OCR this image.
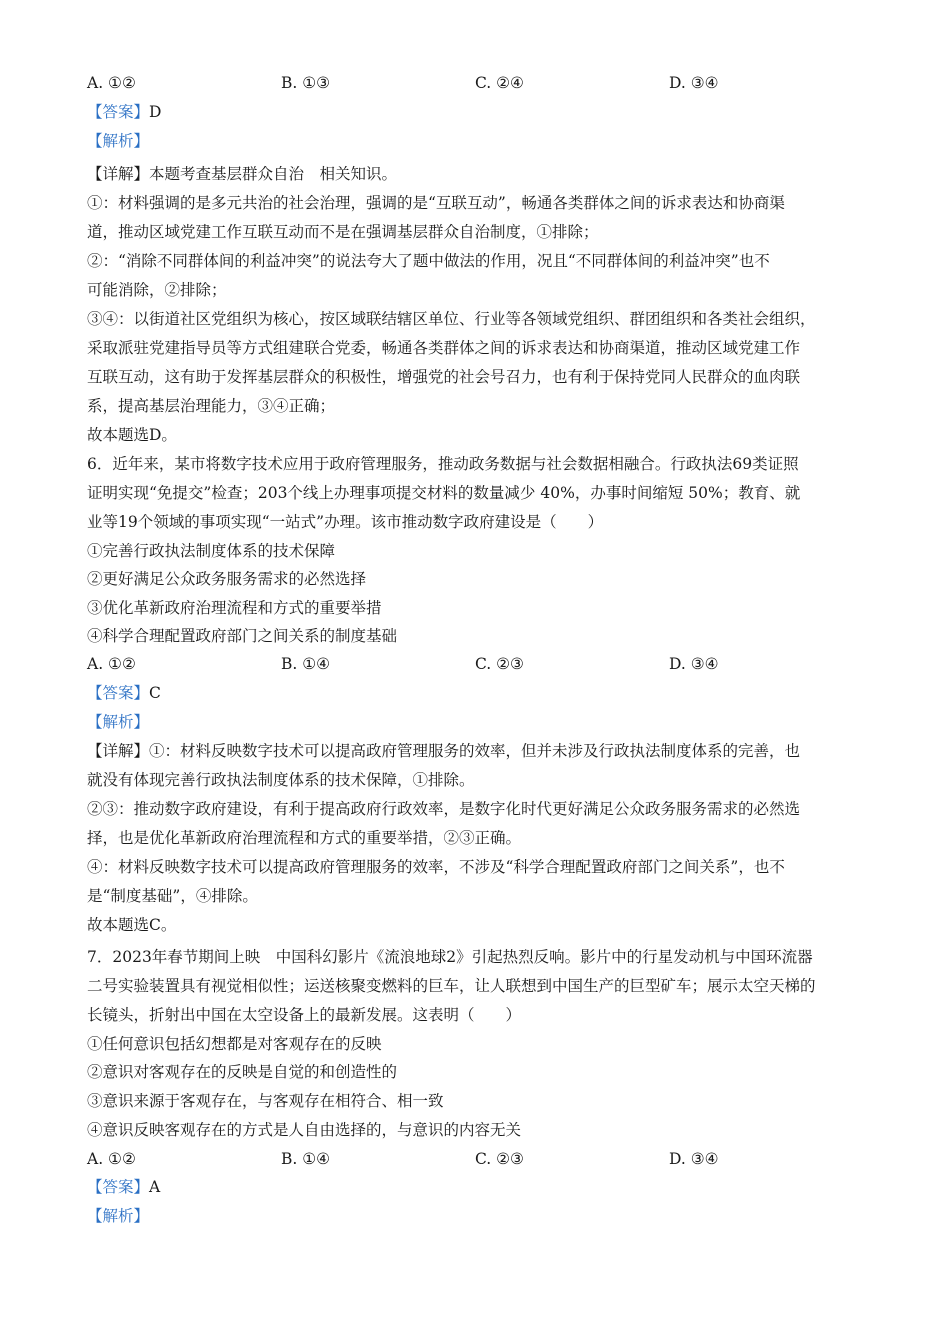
A. ①②	B. ①③	C. ②④	D. ③④
【答案】D
【解析】
【详解】本题考查基层群众自治　相关知识。
①：材料强调的是多元共治的社会治理，强调的是“互联互动”，畅通各类群体之间的诉求表达和协商渠
道，推动区域党建工作互联互动而不是在强调基层群众自治制度，①排除；
②：“消除不同群体间的利益冲突”的说法夸大了题中做法的作用，况且“不同群体间的利益冲突”也不
可能消除，②排除；
③④：以街道社区党组织为核心，按区域联结辖区单位、行业等各领域党组织、群团组织和各类社会组织，
采取派驻党建指导员等方式组建联合党委，畅通各类群体之间的诉求表达和协商渠道，推动区域党建工作
互联互动，这有助于发挥基层群众的积极性，增强党的社会号召力，也有利于保持党同人民群众的血肉联
系，提高基层治理能力，③④正确；
故本题选D。
6．近年来，某市将数字技术应用于政府管理服务，推动政务数据与社会数据相融合。行政执法69类证照
证明实现“免提交”检查；203个线上办理事项提交材料的数量减少 40%，办事时间缩短 50%；教育、就
业等19个领域的事项实现“一站式”办理。该市推动数字政府建设是（　　）
①完善行政执法制度体系的技术保障
②更好满足公众政务服务需求的必然选择
③优化革新政府治理流程和方式的重要举措
④科学合理配置政府部门之间关系的制度基础
A. ①②	B. ①④	C. ②③	D. ③④
【答案】C
【解析】
【详解】①：材料反映数字技术可以提高政府管理服务的效率，但并未涉及行政执法制度体系的完善，也
就没有体现完善行政执法制度体系的技术保障，①排除。
②③：推动数字政府建设，有利于提高政府行政效率，是数字化时代更好满足公众政务服务需求的必然选
择，也是优化革新政府治理流程和方式的重要举措，②③正确。
④：材料反映数字技术可以提高政府管理服务的效率，不涉及“科学合理配置政府部门之间关系”，也不
是“制度基础”，④排除。
故本题选C。
7．2023年春节期间上映　中国科幻影片《流浪地球2》引起热烈反响。影片中的行星发动机与中国环流器
二号实验装置具有视觉相似性；运送核聚变燃料的巨车，让人联想到中国生产的巨型矿车；展示太空天梯的
长镜头，折射出中国在太空设备上的最新发展。这表明（　　）
①任何意识包括幻想都是对客观存在的反映
②意识对客观存在的反映是自觉的和创造性的
③意识来源于客观存在，与客观存在相符合、相一致
④意识反映客观存在的方式是人自由选择的，与意识的内容无关
A. ①②	B. ①④	C. ②③	D. ③④
【答案】A
【解析】
